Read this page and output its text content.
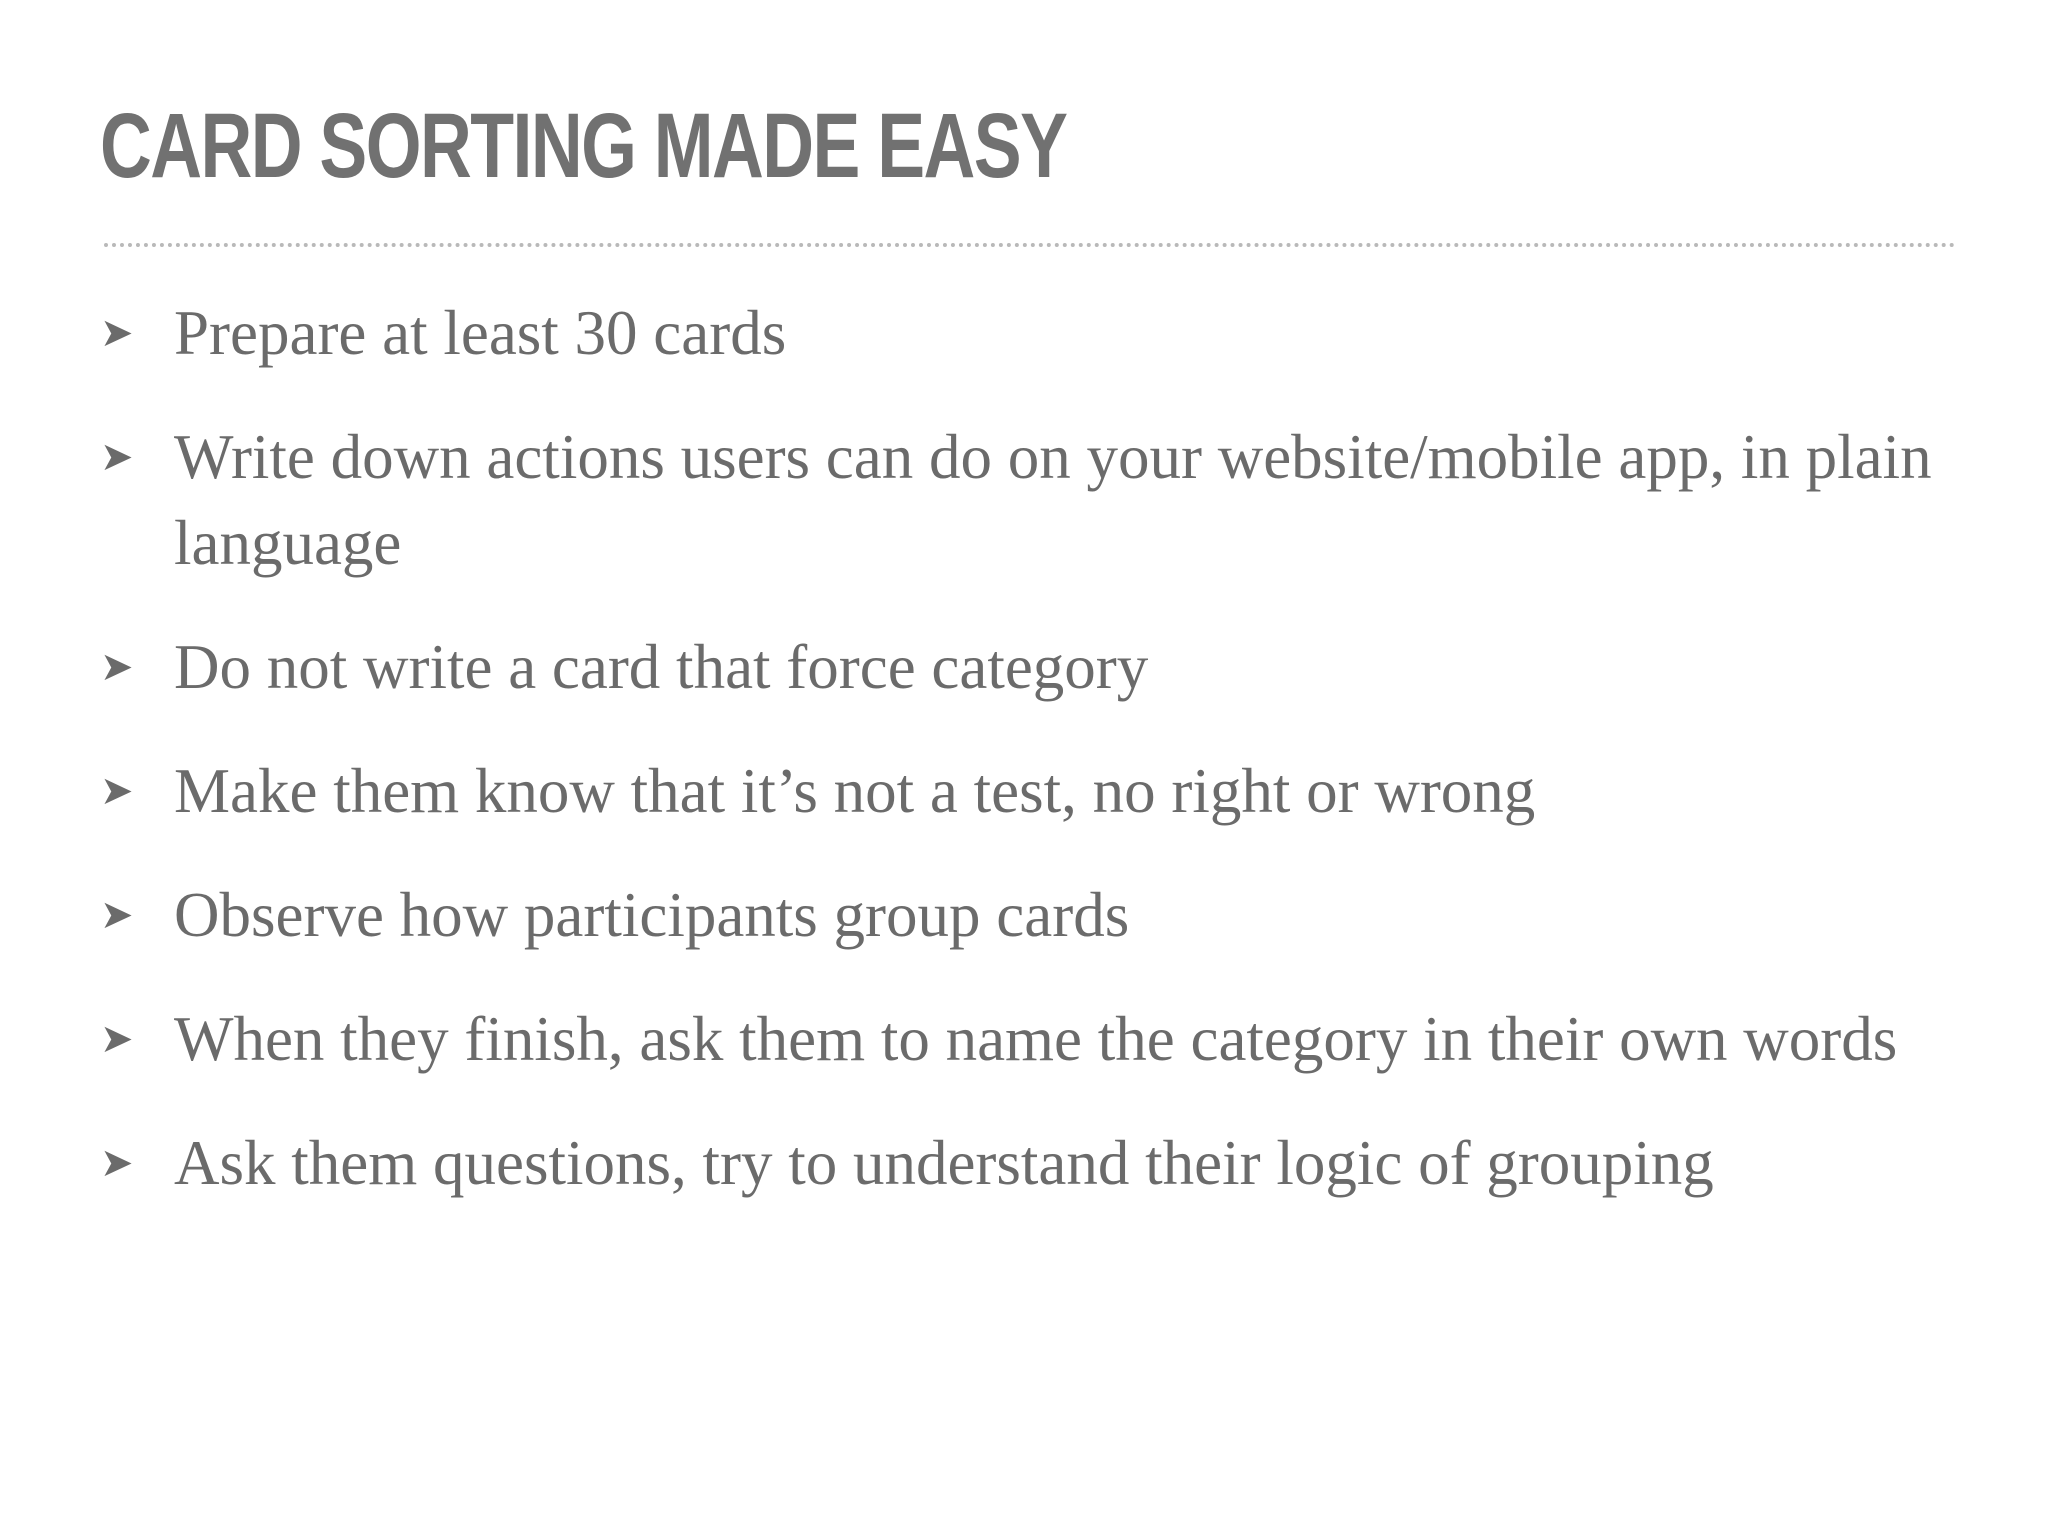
CARD SORTING MADE EASY
➤ Prepare at least 30 cards
➤ Write down actions users can do on your website/mobile app, in plain language
➤ Do not write a card that force category
➤ Make them know that it’s not a test, no right or wrong
➤ Observe how participants group cards
➤ When they finish, ask them to name the category in their own words
➤ Ask them questions, try to understand their logic of grouping
